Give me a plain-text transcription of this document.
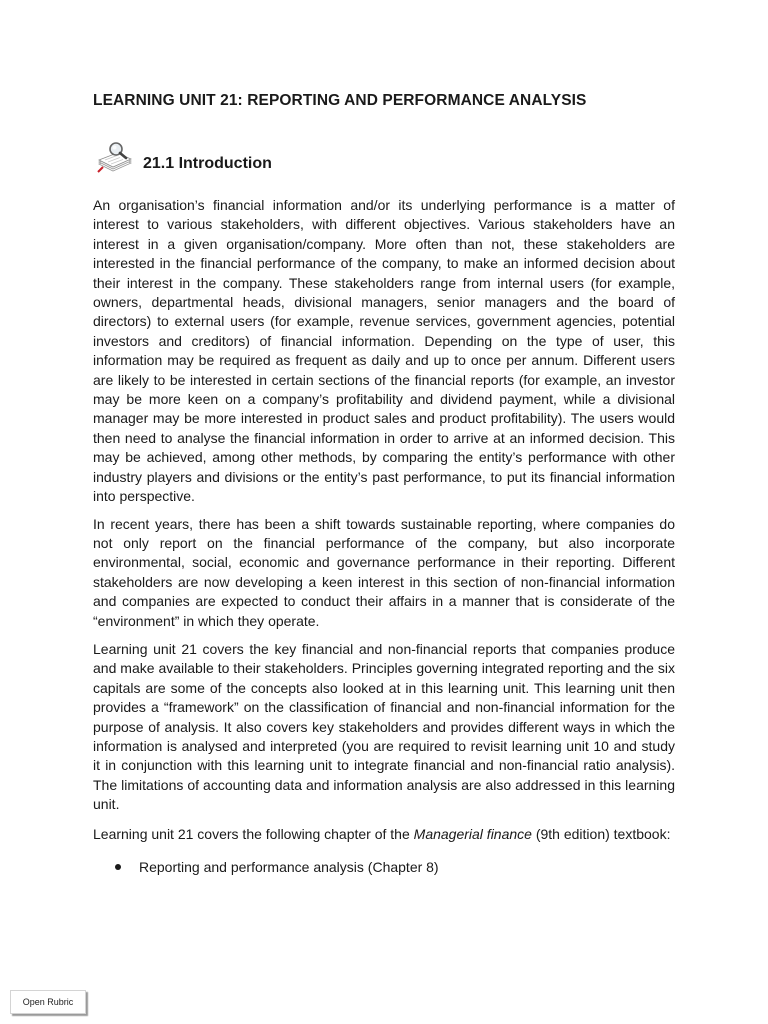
LEARNING UNIT 21: REPORTING AND PERFORMANCE ANALYSIS
21.1 Introduction

An organisation’s financial information and/or its underlying performance is a matter of interest to various stakeholders, with different objectives. Various stakeholders have an interest in a given organisation/company. More often than not, these stakeholders are interested in the financial performance of the company, to make an informed decision about their interest in the company. These stakeholders range from internal users (for example, owners, departmental heads, divisional managers, senior managers and the board of directors) to external users (for example, revenue services, government agencies, potential investors and creditors) of financial information. Depending on the type of user, this information may be required as frequent as daily and up to once per annum. Different users are likely to be interested in certain sections of the financial reports (for example, an investor may be more keen on a company’s profitability and dividend payment, while a divisional manager may be more interested in product sales and product profitability). The users would then need to analyse the financial information in order to arrive at an informed decision. This may be achieved, among other methods, by comparing the entity’s performance with other industry players and divisions or the entity’s past performance, to put its financial information into perspective.

In recent years, there has been a shift towards sustainable reporting, where companies do not only report on the financial performance of the company, but also incorporate environmental, social, economic and governance performance in their reporting. Different stakeholders are now developing a keen interest in this section of non-financial information and companies are expected to conduct their affairs in a manner that is considerate of the “environment” in which they operate.

Learning unit 21 covers the key financial and non-financial reports that companies produce and make available to their stakeholders. Principles governing integrated reporting and the six capitals are some of the concepts also looked at in this learning unit. This learning unit then provides a “framework” on the classification of financial and non-financial information for the purpose of analysis. It also covers key stakeholders and provides different ways in which the information is analysed and interpreted (you are required to revisit learning unit 10 and study it in conjunction with this learning unit to integrate financial and non-financial ratio analysis). The limitations of accounting data and information analysis are also addressed in this learning unit.

Learning unit 21 covers the following chapter of the Managerial finance (9th edition) textbook:

Reporting and performance analysis (Chapter 8)
Open Rubric
